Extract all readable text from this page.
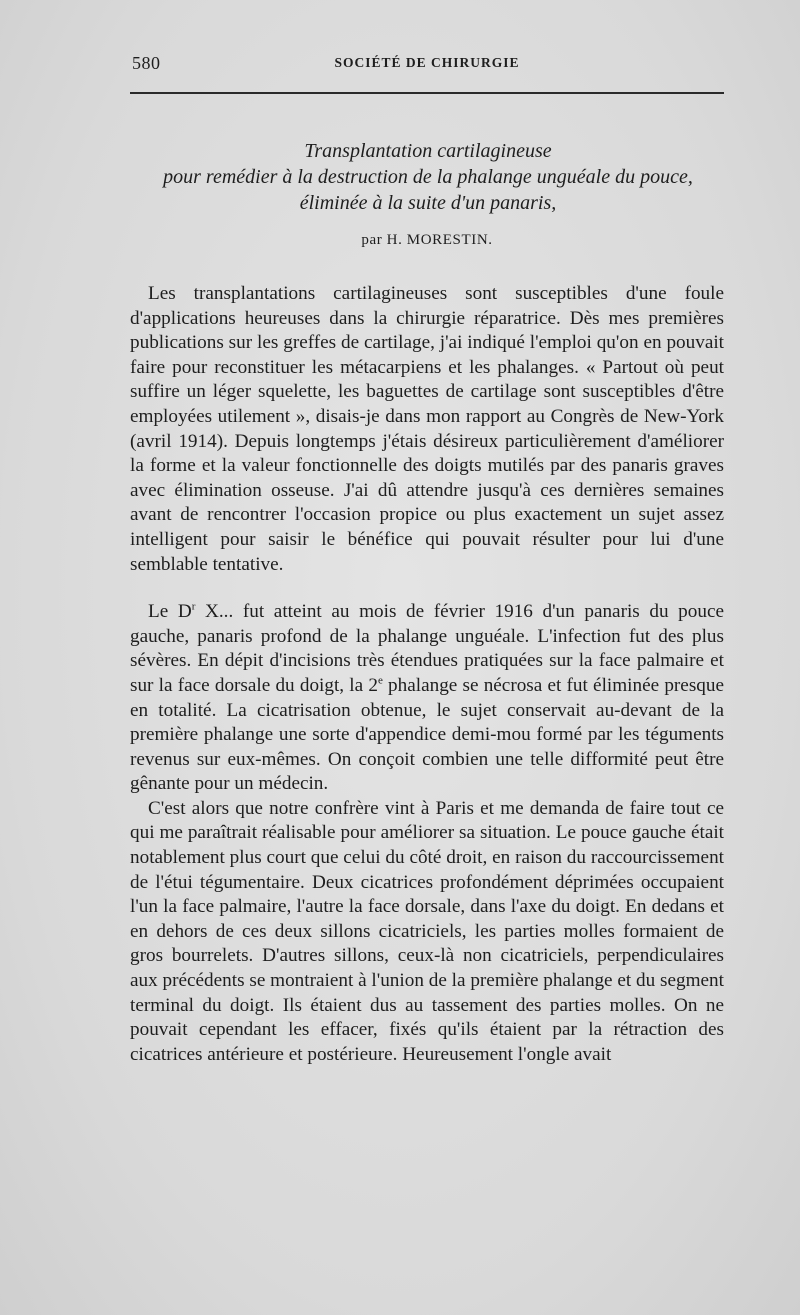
580	SOCIÉTÉ DE CHIRURGIE
Transplantation cartilagineuse
pour remédier à la destruction de la phalange unguéale du pouce,
éliminée à la suite d'un panaris,
par H. MORESTIN.

Les transplantations cartilagineuses sont susceptibles d'une foule d'applications heureuses dans la chirurgie réparatrice. Dès mes premières publications sur les greffes de cartilage, j'ai indiqué l'emploi qu'on en pouvait faire pour reconstituer les métacarpiens et les phalanges. « Partout où peut suffire un léger squelette, les baguettes de cartilage sont susceptibles d'être employées utilement », disais-je dans mon rapport au Congrès de New-York (avril 1914). Depuis longtemps j'étais désireux particulièrement d'améliorer la forme et la valeur fonctionnelle des doigts mutilés par des panaris graves avec élimination osseuse. J'ai dû attendre jusqu'à ces dernières semaines avant de rencontrer l'occasion propice ou plus exactement un sujet assez intelligent pour saisir le bénéfice qui pouvait résulter pour lui d'une semblable tentative.

Le $D^r$ X... fut atteint au mois de février 1916 d'un panaris du pouce gauche, panaris profond de la phalange unguéale. L'infection fut des plus sévères. En dépit d'incisions très étendues pratiquées sur la face palmaire et sur la face dorsale du doigt, la 2e phalange se nécrosa et fut éliminée presque en totalité. La cicatrisation obtenue, le sujet conservait au-devant de la première phalange une sorte d'appendice demi-mou formé par les téguments revenus sur eux-mêmes. On conçoit combien une telle difformité peut être gênante pour un médecin.

C'est alors que notre confrère vint à Paris et me demanda de faire tout ce qui me paraîtrait réalisable pour améliorer sa situation. Le pouce gauche était notablement plus court que celui du côté droit, en raison du raccourcissement de l'étui tégumentaire. Deux cicatrices profondément déprimées occupaient l'un la face palmaire, l'autre la face dorsale, dans l'axe du doigt. En dedans et en dehors de ces deux sillons cicatriciels, les parties molles formaient de gros bourrelets. D'autres sillons, ceux-là non cicatriciels, perpendiculaires aux précédents se montraient à l'union de la première phalange et du segment terminal du doigt. Ils étaient dus au tassement des parties molles. On ne pouvait cependant les effacer, fixés qu'ils étaient par la rétraction des cicatrices antérieure et postérieure. Heureusement l'ongle avait
